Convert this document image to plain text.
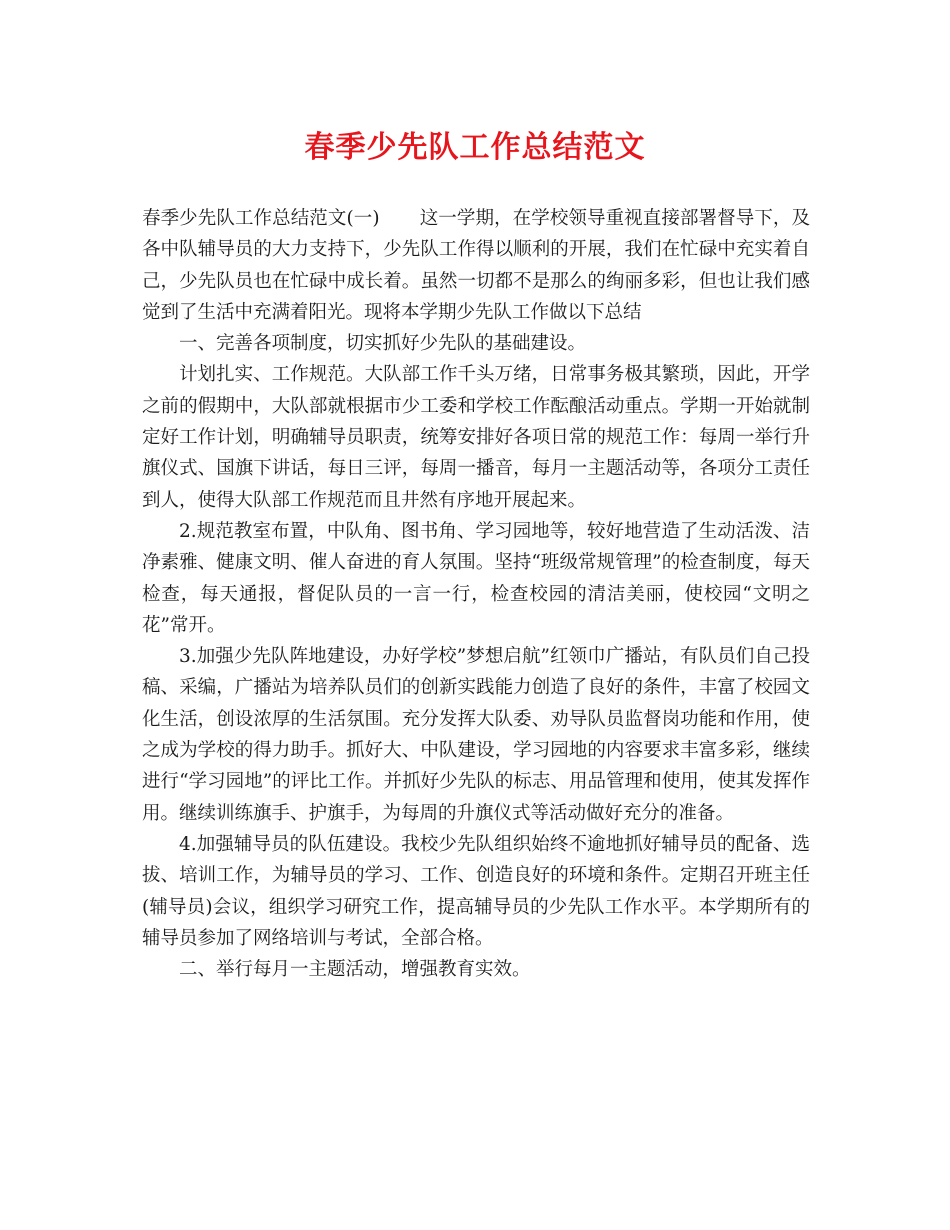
春季少先队工作总结范文

春季少先队工作总结范文(一) 这一学期，在学校领导重视直接部署督导下，及各中队辅导员的大力支持下，少先队工作得以顺利的开展，我们在忙碌中充实着自己，少先队员也在忙碌中成长着。虽然一切都不是那么的绚丽多彩，但也让我们感觉到了生活中充满着阳光。现将本学期少先队工作做以下总结

一、完善各项制度，切实抓好少先队的基础建设。

计划扎实、工作规范。大队部工作千头万绪，日常事务极其繁琐，因此，开学之前的假期中，大队部就根据市少工委和学校工作酝酿活动重点。学期一开始就制定好工作计划，明确辅导员职责，统筹安排好各项日常的规范工作：每周一举行升旗仪式、国旗下讲话，每日三评，每周一播音，每月一主题活动等，各项分工责任到人，使得大队部工作规范而且井然有序地开展起来。

2.规范教室布置，中队角、图书角、学习园地等，较好地营造了生动活泼、洁净素雅、健康文明、催人奋进的育人氛围。坚持“班级常规管理”的检查制度，每天检查，每天通报，督促队员的一言一行，检查校园的清洁美丽，使校园“文明之花”常开。

3.加强少先队阵地建设，办好学校”梦想启航”红领巾广播站，有队员们自己投稿、采编，广播站为培养队员们的创新实践能力创造了良好的条件，丰富了校园文化生活，创设浓厚的生活氛围。充分发挥大队委、劝导队员监督岗功能和作用，使之成为学校的得力助手。抓好大、中队建设，学习园地的内容要求丰富多彩，继续进行“学习园地”的评比工作。并抓好少先队的标志、用品管理和使用，使其发挥作用。继续训练旗手、护旗手，为每周的升旗仪式等活动做好充分的准备。

4.加强辅导员的队伍建设。我校少先队组织始终不逾地抓好辅导员的配备、选拔、培训工作，为辅导员的学习、工作、创造良好的环境和条件。定期召开班主任(辅导员)会议，组织学习研究工作，提高辅导员的少先队工作水平。本学期所有的辅导员参加了网络培训与考试，全部合格。

二、举行每月一主题活动，增强教育实效。
